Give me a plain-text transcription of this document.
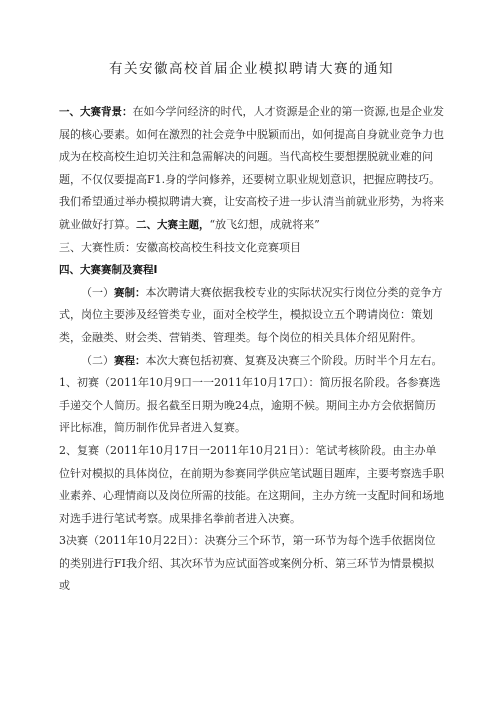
有关安徽高校首届企业模拟聘请大赛的通知

一、大赛背景：在如今学问经济的时代，人才资源是企业的第一资源,也是企业发展的核心要素。如何在激烈的社会竞争中脱颖而出，如何提高自身就业竞争力也成为在校高校生迫切关注和急需解决的问题。当代高校生要想摆脱就业难的问题，不仅仅要提高F1.身的学问修养，还要树立职业规划意识，把握应聘技巧。我们希望通过举办模拟聘请大赛，让安高校子进一步认清当前就业形势，为将来就业做好打算。二、大赛主题，“放飞幻想，成就将来”

三、大赛性质：安徽高校高校生科技文化竞赛项目

四、大赛赛制及赛程I

（一）赛制：本次聘请大赛依据我校专业的实际状况实行岗位分类的竞争方式，岗位主要涉及经管类专业，面对全校学生，模拟设立五个聘请岗位：策划类，金融类、财会类、营销类、管理类。每个岗位的相关具体介绍见附件。

（二）赛程：本次大赛包括初赛、复赛及决赛三个阶段。历时半个月左右。

1、初赛（2011年10月9口一一2011年10月17口）：简历报名阶段。各参赛选手递交个人简历。报名截至日期为晚24点，逾期不候。期间主办方会依据简历评比标准，简历制作优异者进入复赛。

2、复赛（2011年10月17日一2011年10月21日）：笔试考核阶段。由主办单位针对模拟的具体岗位，在前期为参赛同学供应笔试题目题库，主要考察选手职业素养、心理情商以及岗位所需的技能。在这期间，主办方统一支配时间和场地对选手进行笔试考察。成果排名拳前者进入决赛。

3决赛（2011年10月22日）：决赛分三个环节，第一环节为每个选手依据岗位的类别进行FI我介绍、其次环节为应试面答或案例分析、第三环节为情景模拟或
